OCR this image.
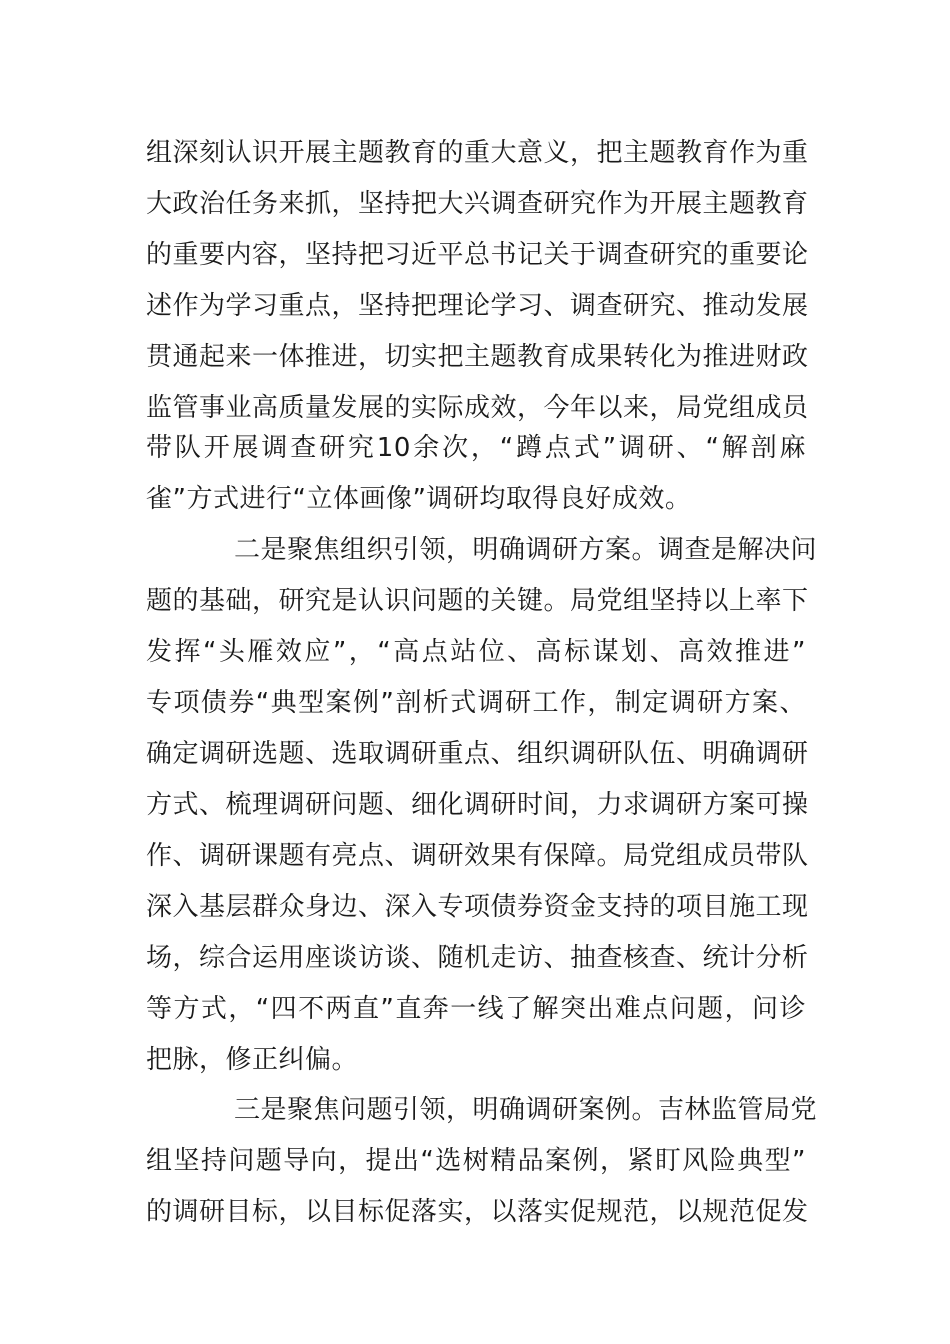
组深刻认识开展主题教育的重大意义，把主题教育作为重
大政治任务来抓，坚持把大兴调查研究作为开展主题教育
的重要内容，坚持把习近平总书记关于调查研究的重要论
述作为学习重点，坚持把理论学习、调查研究、推动发展
贯通起来一体推进，切实把主题教育成果转化为推进财政
监管事业高质量发展的实际成效，今年以来，局党组成员
带队开展调查研究10余次，“蹲点式”调研、“解剖麻
雀”方式进行“立体画像”调研均取得良好成效。
二是聚焦组织引领，明确调研方案。调查是解决问
题的基础，研究是认识问题的关键。局党组坚持以上率下
发挥“头雁效应”，“高点站位、高标谋划、高效推进”
专项债券“典型案例”剖析式调研工作，制定调研方案、
确定调研选题、选取调研重点、组织调研队伍、明确调研
方式、梳理调研问题、细化调研时间，力求调研方案可操
作、调研课题有亮点、调研效果有保障。局党组成员带队
深入基层群众身边、深入专项债券资金支持的项目施工现
场，综合运用座谈访谈、随机走访、抽查核查、统计分析
等方式，“四不两直”直奔一线了解突出难点问题，问诊
把脉，修正纠偏。
三是聚焦问题引领，明确调研案例。吉林监管局党
组坚持问题导向，提出“选树精品案例，紧盯风险典型”
的调研目标，以目标促落实，以落实促规范，以规范促发
